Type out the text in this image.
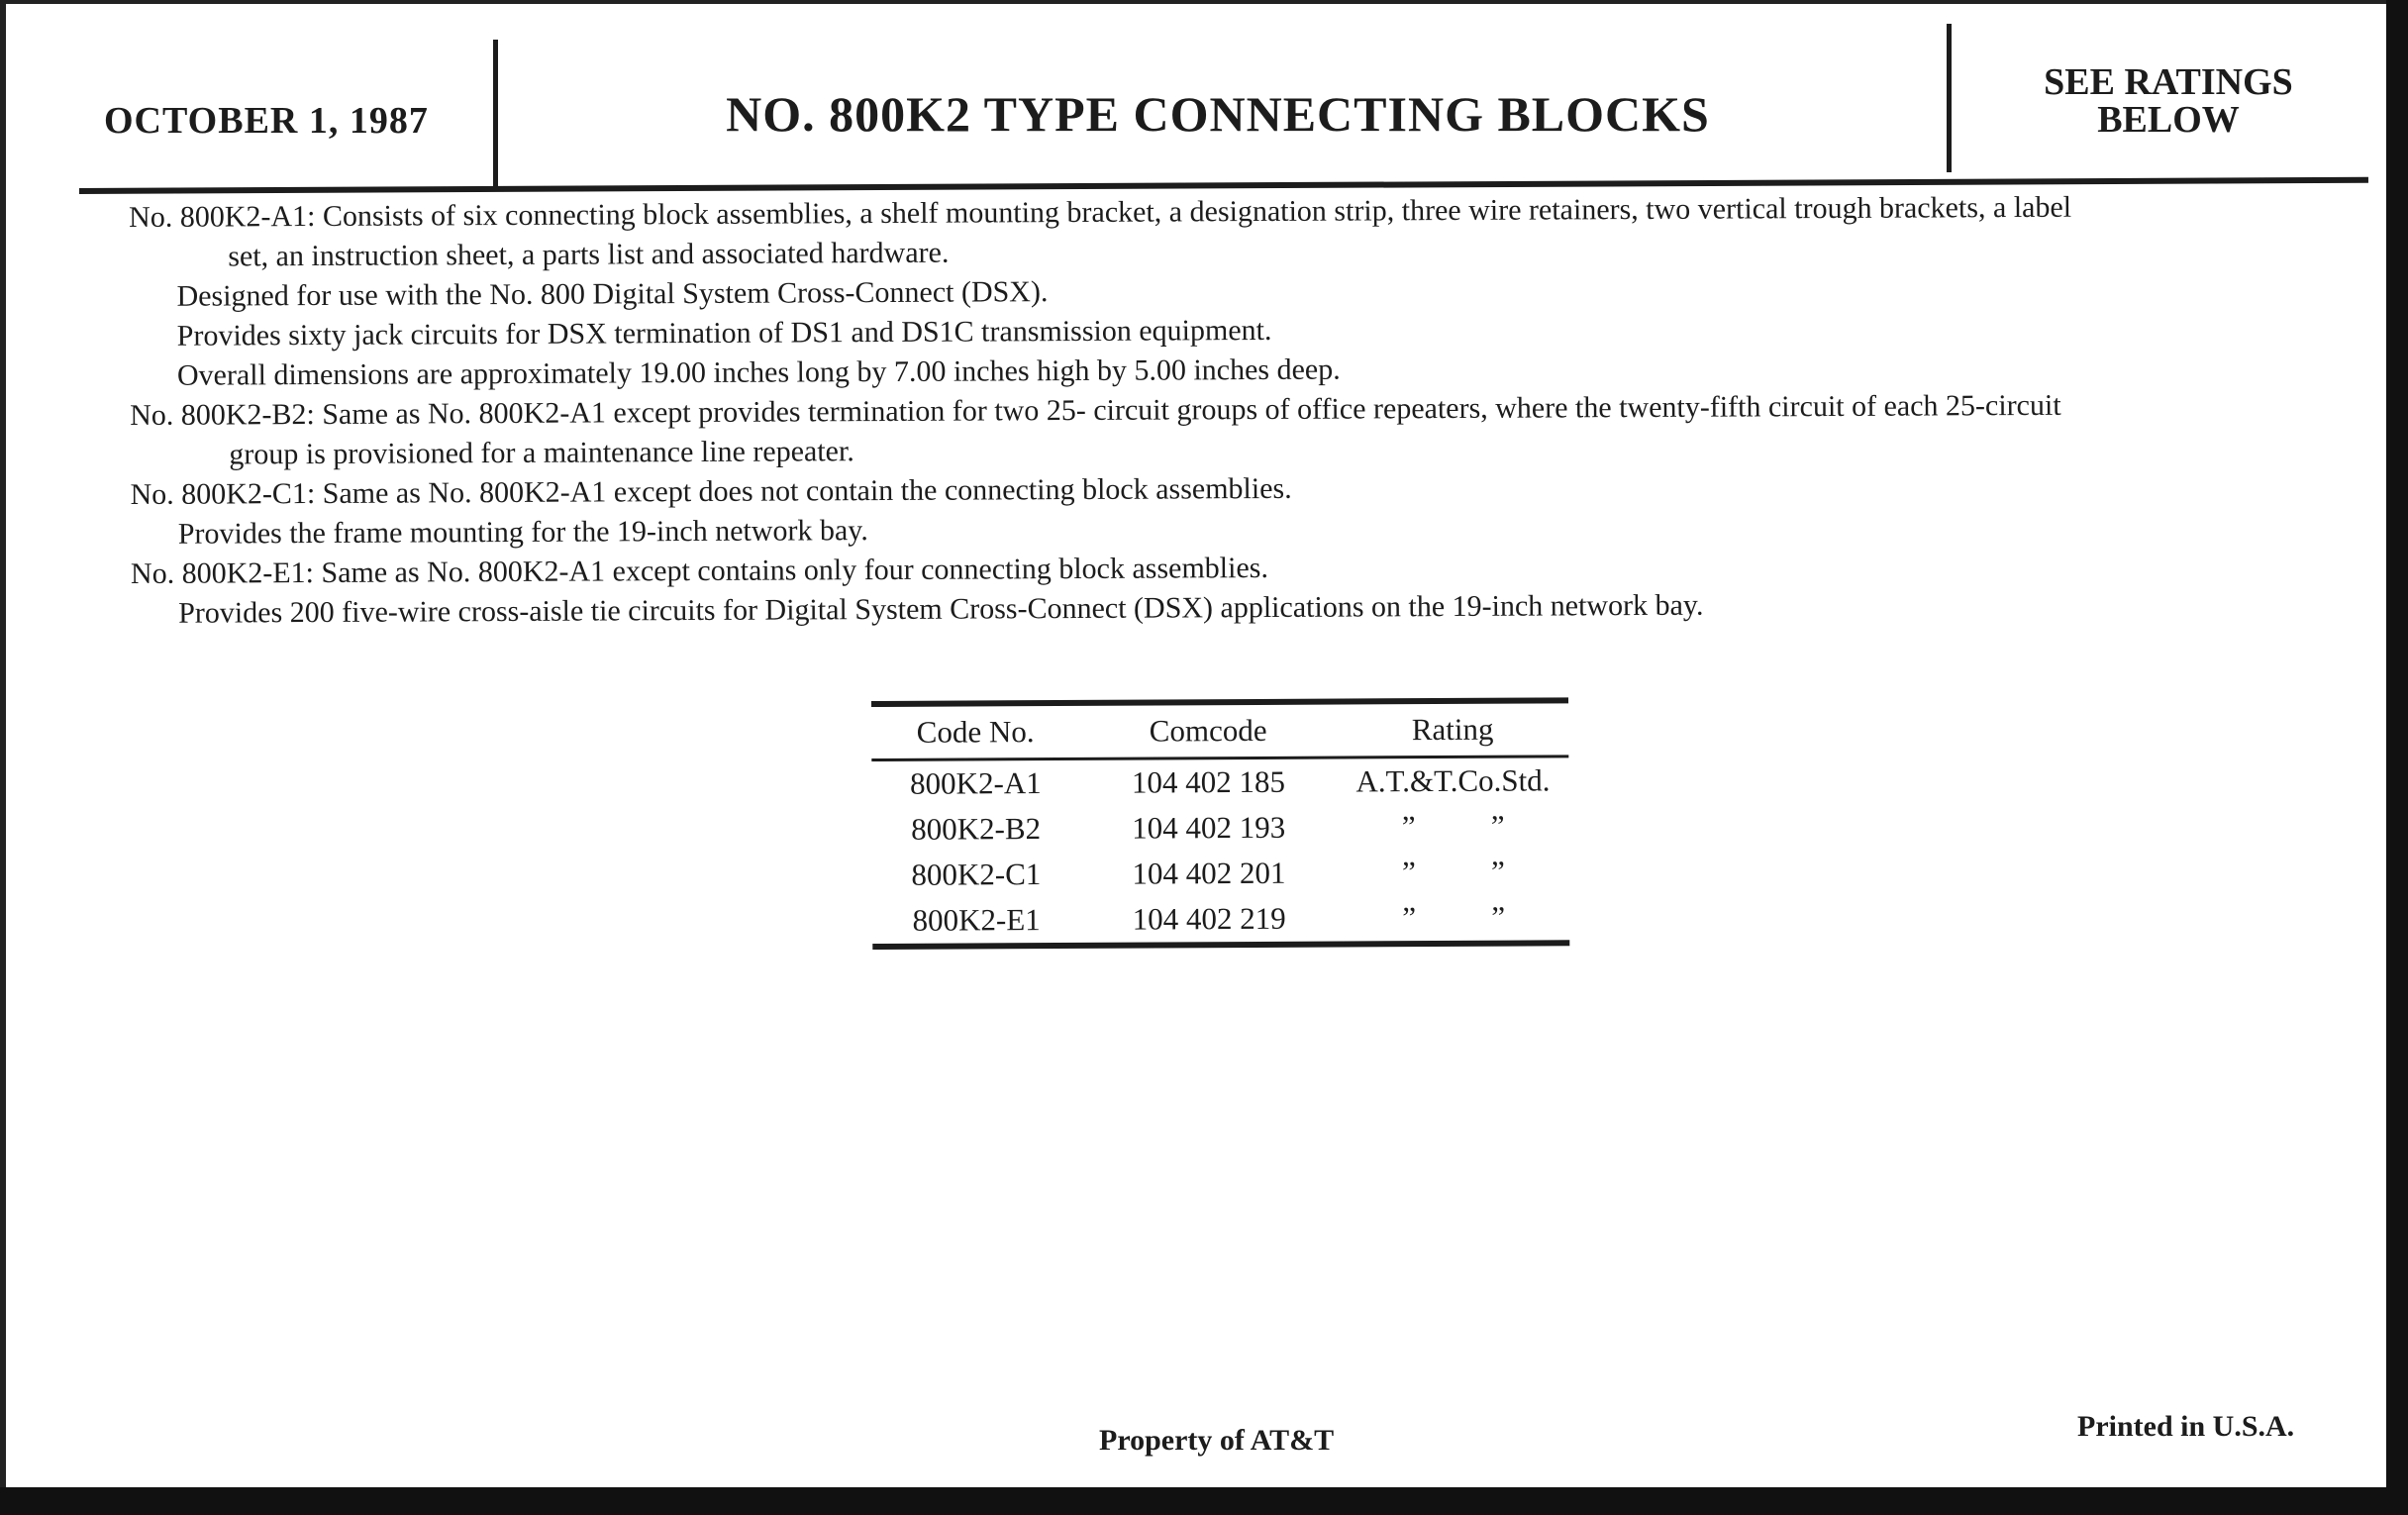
OCTOBER 1, 1987	NO. 800K2 TYPE CONNECTING BLOCKS
SEE RATINGS
BELOW

No. 800K2-A1: Consists of six connecting block assemblies, a shelf mounting bracket, a designation strip, three wire retainers, two vertical trough brackets, a label

set, an instruction sheet, a parts list and associated hardware.

Designed for use with the No. 800 Digital System Cross-Connect (DSX).

Provides sixty jack circuits for DSX termination of DS1 and DS1C transmission equipment.

Overall dimensions are approximately 19.00 inches long by 7.00 inches high by 5.00 inches deep.

No. 800K2-B2: Same as No. 800K2-A1 except provides termination for two 25- circuit groups of office repeaters, where the twenty-fifth circuit of each 25-circuit

group is provisioned for a maintenance line repeater.

No. 800K2-C1: Same as No. 800K2-A1 except does not contain the connecting block assemblies.

Provides the frame mounting for the 19-inch network bay.

No. 800K2-E1: Same as No. 800K2-A1 except contains only four connecting block assemblies.

Provides 200 five-wire cross-aisle tie circuits for Digital System Cross-Connect (DSX) applications on the 19-inch network bay.

Code No.	Comcode	Rating
800K2-A1	104 402 185	A.T.&T.Co.Std.
800K2-B2	104 402 193	” ”
800K2-C1	104 402 201	” ”
800K2-E1	104 402 219	” ”
Property of AT&T	Printed in U.S.A.
